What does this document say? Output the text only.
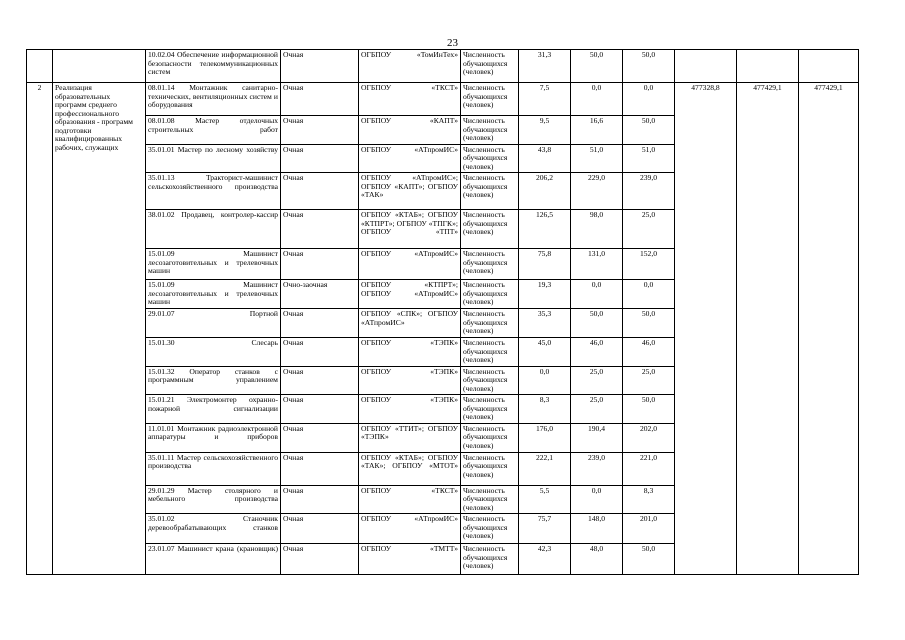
23
		10.02.04 Обеспечение информационной безопасности телекоммуникационных систем	Очная	ОГБПОУ «ТомИнТех»	Численность обучающихся (человек)	31,3	50,0	50,0			
2	Реализация образовательных программ среднего профессионального образования - программ подготовки квалифицированных рабочих, служащих	08.01.14 Монтажник санитарно-технических, вентиляционных систем и оборудования	Очная	ОГБПОУ «ТКСТ»	Численность обучающихся (человек)	7,5	0,0	0,0	477328,8	477429,1	477429,1
		08.01.08 Мастер отделочных строительных работ	Очная	ОГБПОУ «КАПТ»	Численность обучающихся (человек)	9,5	16,6	50,0			
		35.01.01 Мастер по лесному хозяйству	Очная	ОГБПОУ «АТпромИС»	Численность обучающихся (человек)	43,8	51,0	51,0			
		35.01.13 Тракторист-машинист сельскохозяйственного производства	Очная	ОГБПОУ «АТпромИС»; ОГБПОУ «КАПТ»; ОГБПОУ «ТАК»	Численность обучающихся (человек)	206,2	229,0	239,0			
		38.01.02 Продавец, контролер-кассир	Очная	ОГБПОУ «КТАБ»; ОГБПОУ «КТПРТ»; ОГБПОУ «ТПГК»; ОГБПОУ «ТПТ»	Численность обучающихся (человек)	126,5	98,0	25,0			
		15.01.09 Машинист лесозаготовительных и трелевочных машин	Очная	ОГБПОУ «АТпромИС»	Численность обучающихся (человек)	75,8	131,0	152,0			
		15.01.09 Машинист лесозаготовительных и трелевочных машин	Очно-заочная	ОГБПОУ «КТПРТ»; ОГБПОУ «АТпромИС»	Численность обучающихся (человек)	19,3	0,0	0,0			
		29.01.07 Портной	Очная	ОГБПОУ «СПК»; ОГБПОУ «АТпромИС»	Численность обучающихся (человек)	35,3	50,0	50,0			
		15.01.30 Слесарь	Очная	ОГБПОУ «ТЭПК»	Численность обучающихся (человек)	45,0	46,0	46,0			
		15.01.32 Оператор станков с программным управлением	Очная	ОГБПОУ «ТЭПК»	Численность обучающихся (человек)	0,0	25,0	25,0			
		15.01.21 Электромонтер охранно-пожарной сигнализации	Очная	ОГБПОУ «ТЭПК»	Численность обучающихся (человек)	8,3	25,0	50,0			
		11.01.01 Монтажник радиоэлектронной аппаратуры и приборов	Очная	ОГБПОУ «ТТИТ»; ОГБПОУ «ТЭПК»	Численность обучающихся (человек)	176,0	190,4	202,0			
		35.01.11 Мастер сельскохозяйственного производства	Очная	ОГБПОУ «КТАБ»; ОГБПОУ «ТАК»; ОГБПОУ «МТОТ»	Численность обучающихся (человек)	222,1	239,0	221,0			
		29.01.29 Мастер столярного и мебельного производства	Очная	ОГБПОУ «ТКСТ»	Численность обучающихся (человек)	5,5	0,0	8,3			
		35.01.02 Станочник деревообрабатывающих станков	Очная	ОГБПОУ «АТпромИС»	Численность обучающихся (человек)	75,7	148,0	201,0			
		23.01.07 Машинист крана (крановщик)	Очная	ОГБПОУ «ТМТТ»	Численность обучающихся (человек)	42,3	48,0	50,0			
